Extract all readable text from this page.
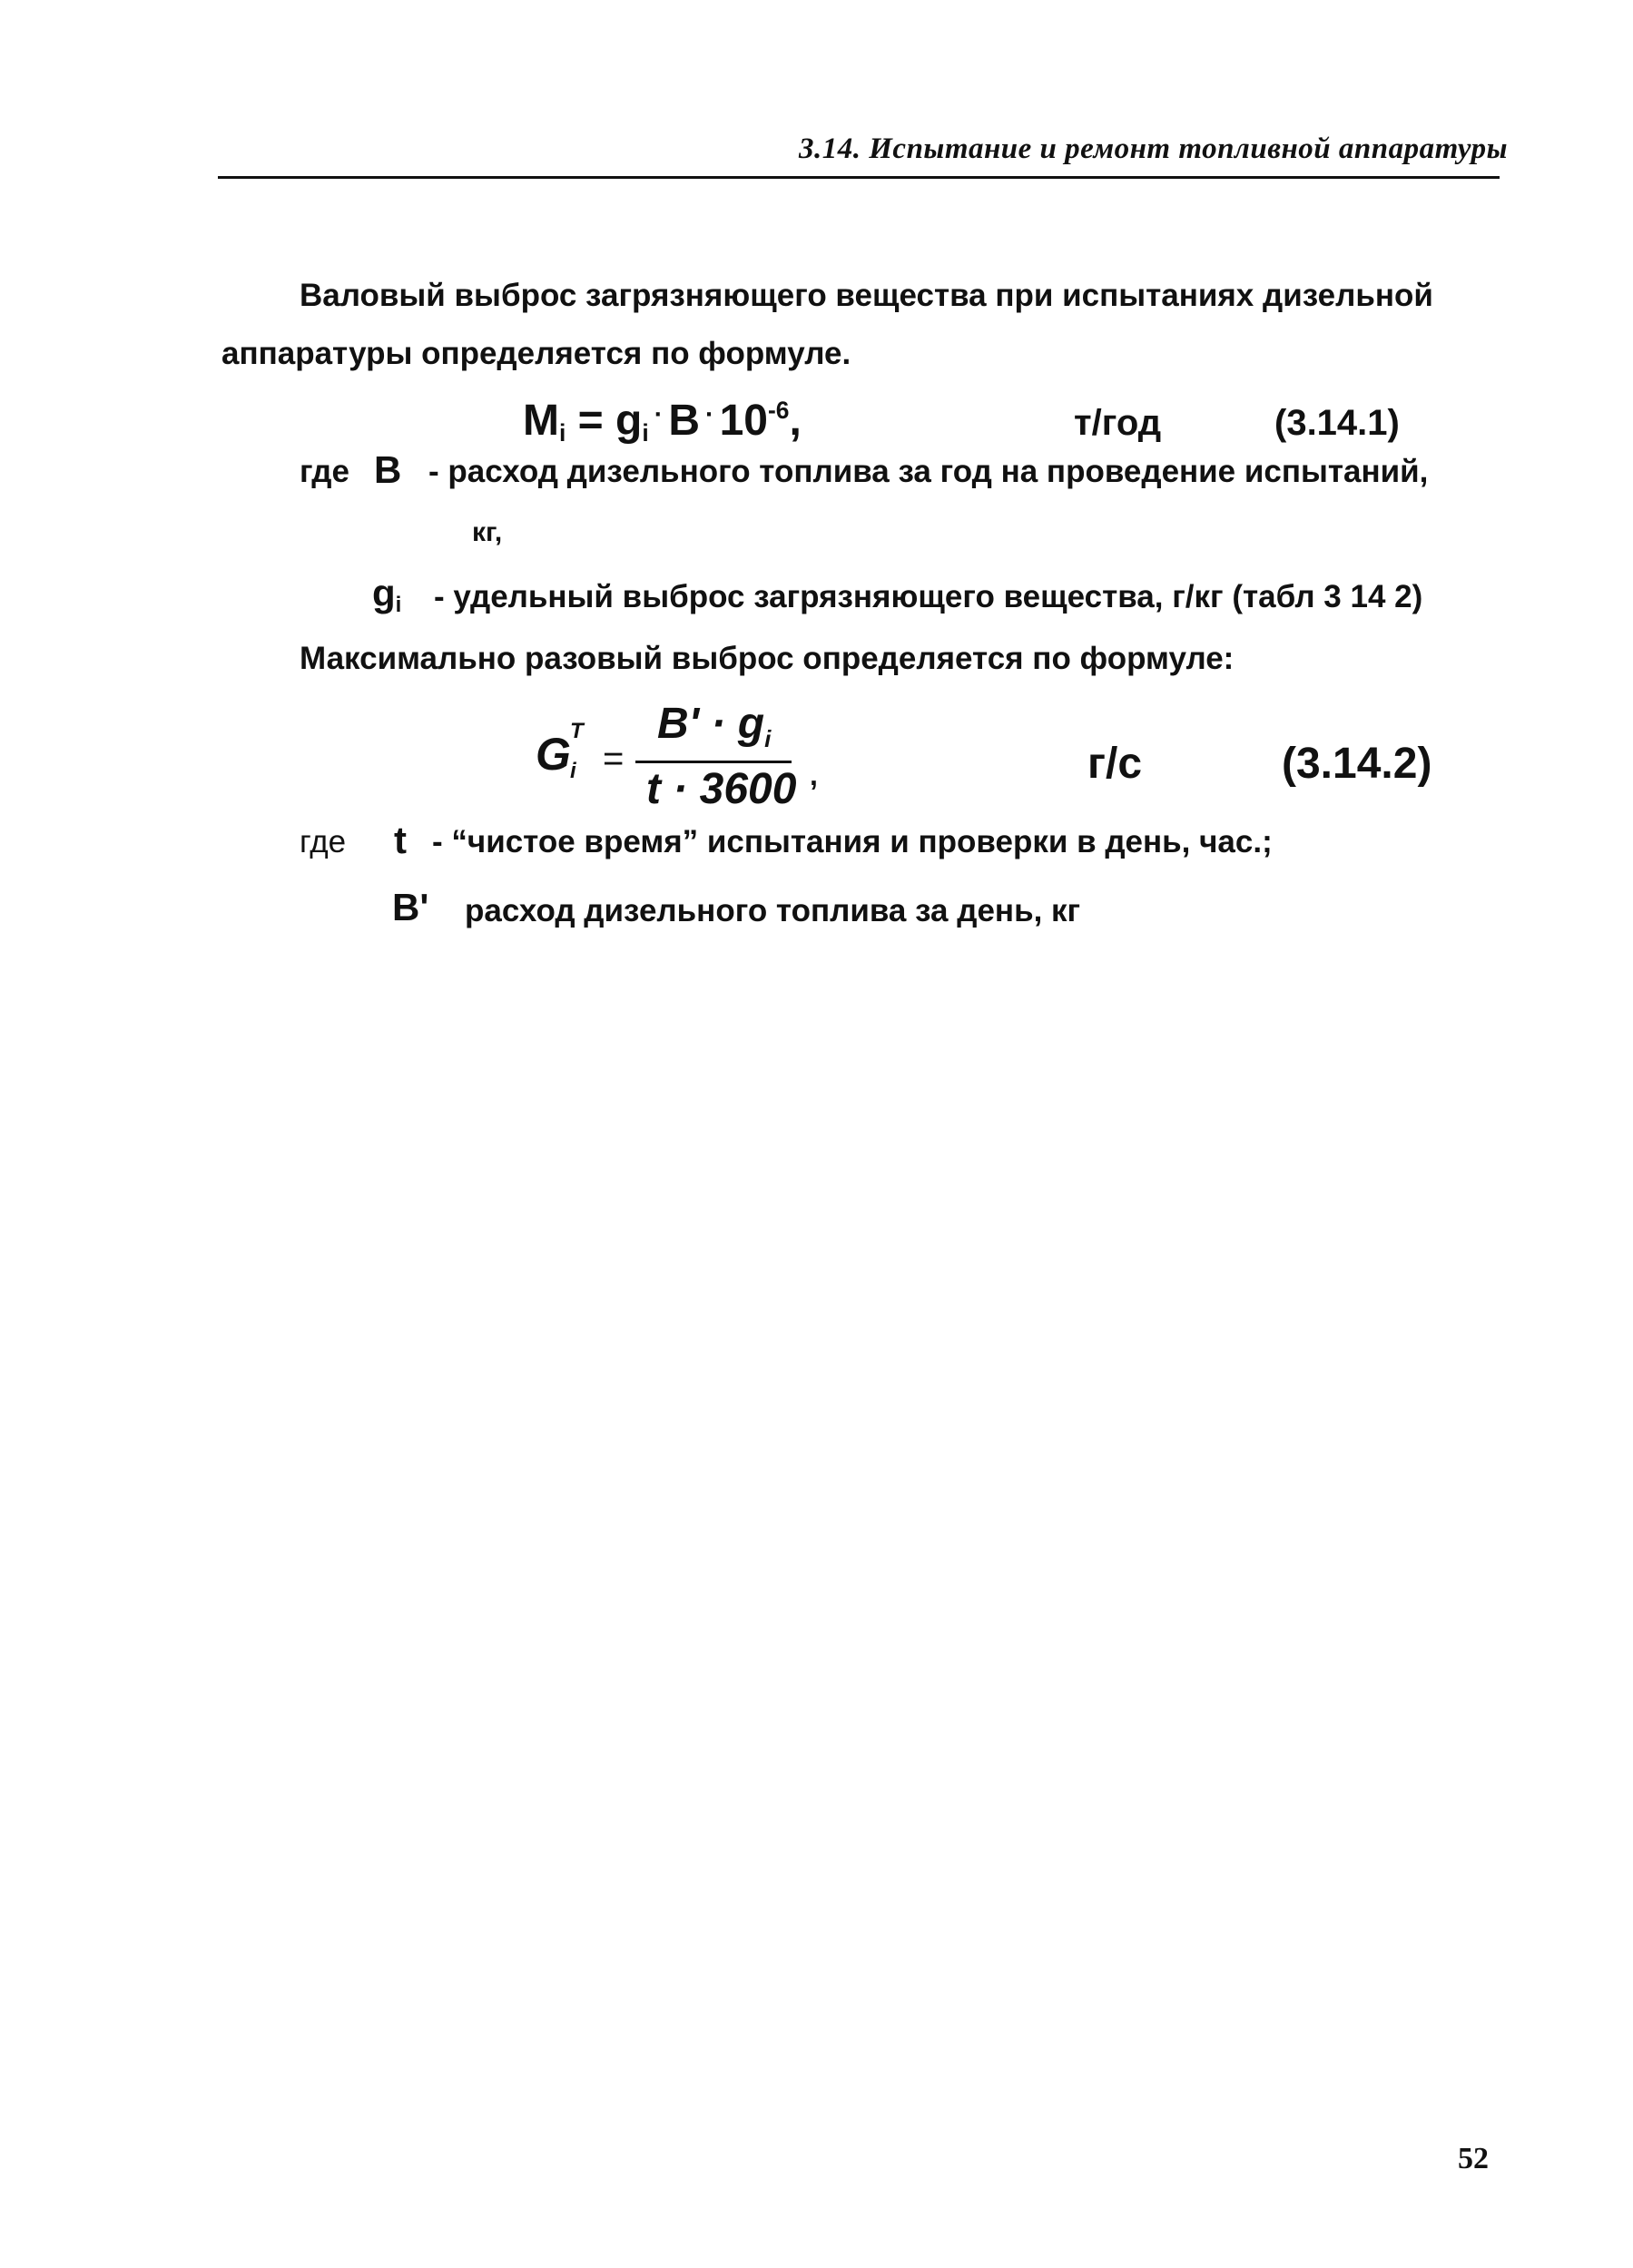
3.14. Испытание и ремонт топливной аппаратуры
Валовый выброс загрязняющего вещества при испытаниях дизельной
аппаратуры определяется по формуле.
Mi = gi· B · $10^{-6}$,	т/год	(3.14.1)
где B - расход дизельного топлива за год на проведение испытаний,
кг,
gi - удельный выброс загрязняющего вещества, г/кг (табл 3 14 2)
Максимально разовый выброс определяется по формуле:
G T
i =
$B' \cdot g_i$
t · 3600 ,	г/с	(3.14.2)
где t - “чистое время” испытания и проверки в день, час.;
B' расход дизельного топлива за день, кг
52
